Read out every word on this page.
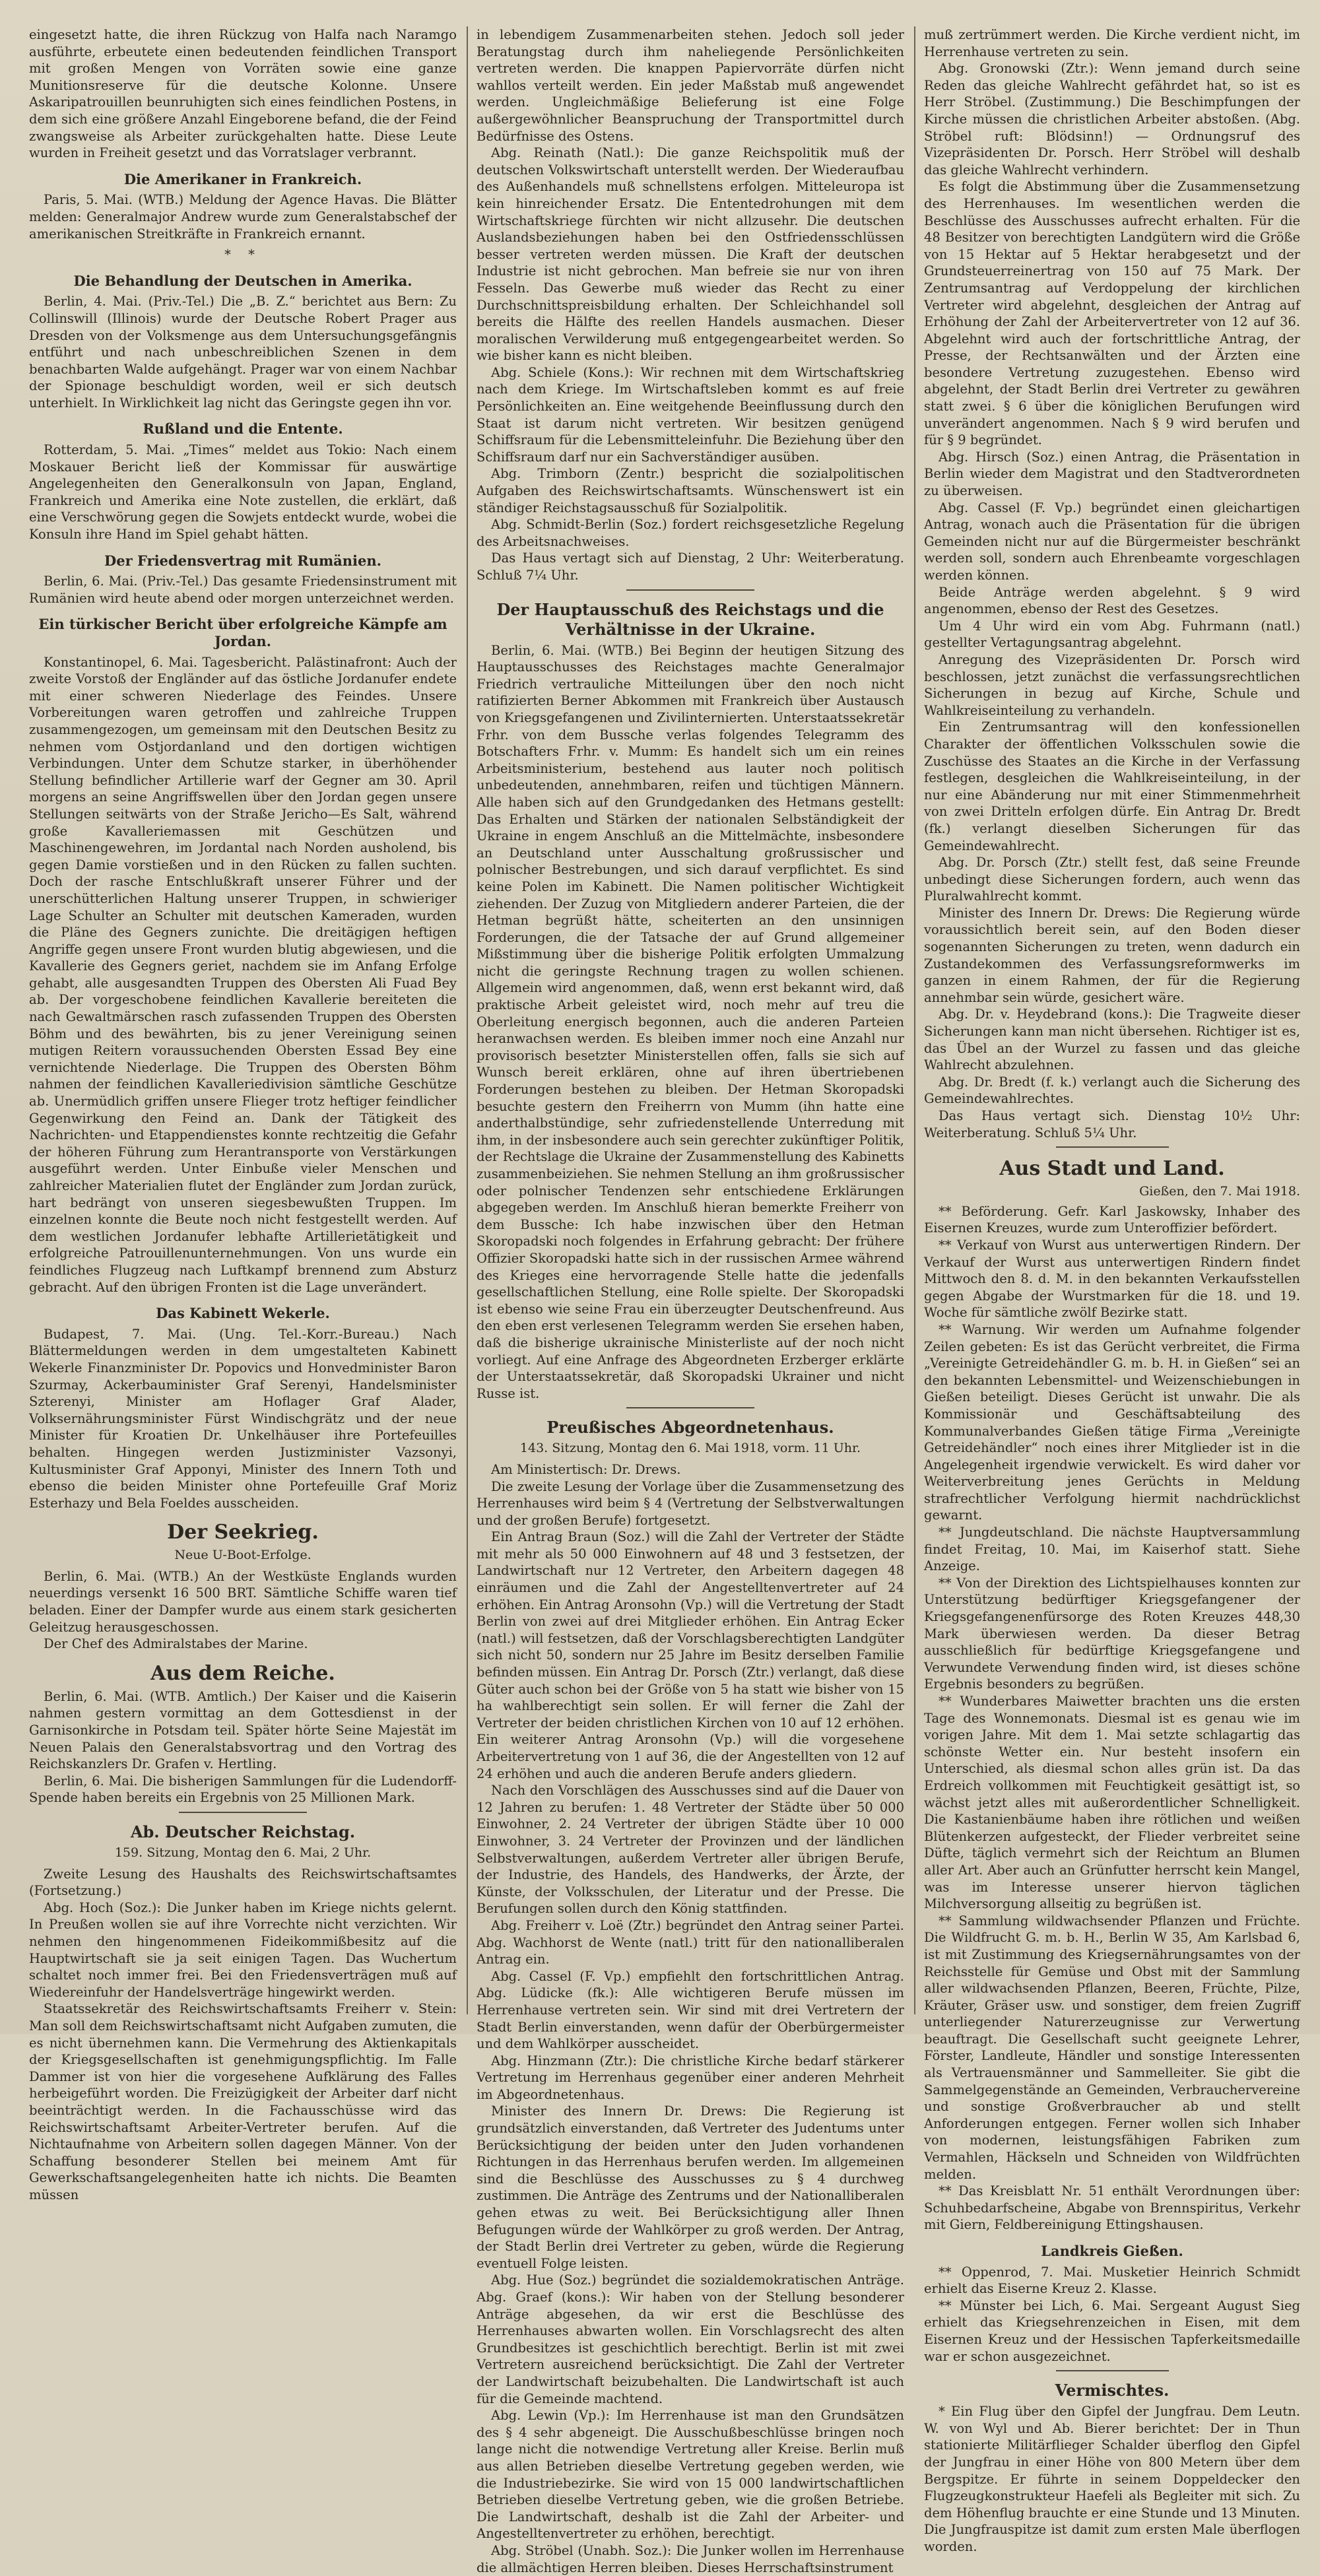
eingesetzt hatte, die ihren Rückzug von Halfa nach Naramgo ausführte, erbeutete einen bedeutenden feindlichen Transport mit großen Mengen von Vorräten sowie eine ganze Munitionsreserve für die deutsche Kolonne. Unsere Askaripatrouillen beunruhigten sich eines feindlichen Postens, in dem sich eine größere Anzahl Eingeborene befand, die der Feind zwangsweise als Arbeiter zurückgehalten hatte. Diese Leute wurden in Freiheit gesetzt und das Vorratslager verbrannt.

Die Amerikaner in Frankreich.

Paris, 5. Mai. (WTB.) Meldung der Agence Havas. Die Blätter melden: Generalmajor Andrew wurde zum Generalstabschef der amerikanischen Streitkräfte in Frankreich ernannt.

* *
Die Behandlung der Deutschen in Amerika.

Berlin, 4. Mai. (Priv.-Tel.) Die „B. Z.“ berichtet aus Bern: Zu Collinswill (Illinois) wurde der Deutsche Robert Prager aus Dresden von der Volksmenge aus dem Untersuchungsgefängnis entführt und nach unbeschreiblichen Szenen in dem benachbarten Walde aufgehängt. Prager war von einem Nachbar der Spionage beschuldigt worden, weil er sich deutsch unterhielt. In Wirklichkeit lag nicht das Geringste gegen ihn vor.

Rußland und die Entente.

Rotterdam, 5. Mai. „Times“ meldet aus Tokio: Nach einem Moskauer Bericht ließ der Kommissar für auswärtige Angelegenheiten den Generalkonsuln von Japan, England, Frankreich und Amerika eine Note zustellen, die erklärt, daß eine Verschwörung gegen die Sowjets entdeckt wurde, wobei die Konsuln ihre Hand im Spiel gehabt hätten.

Der Friedensvertrag mit Rumänien.

Berlin, 6. Mai. (Priv.-Tel.) Das gesamte Friedensinstrument mit Rumänien wird heute abend oder morgen unterzeichnet werden.

Ein türkischer Bericht über erfolgreiche Kämpfe am Jordan.

Konstantinopel, 6. Mai. Tagesbericht. Palästinafront: Auch der zweite Vorstoß der Engländer auf das östliche Jordanufer endete mit einer schweren Niederlage des Feindes. Unsere Vorbereitungen waren getroffen und zahlreiche Truppen zusammengezogen, um gemeinsam mit den Deutschen Besitz zu nehmen vom Ostjordanland und den dortigen wichtigen Verbindungen. Unter dem Schutze starker, in überhöhender Stellung befindlicher Artillerie warf der Gegner am 30. April morgens an seine Angriffswellen über den Jordan gegen unsere Stellungen seitwärts von der Straße Jericho—Es Salt, während große Kavalleriemassen mit Geschützen und Maschinengewehren, im Jordantal nach Norden ausholend, bis gegen Damie vorstießen und in den Rücken zu fallen suchten. Doch der rasche Entschlußkraft unserer Führer und der unerschütterlichen Haltung unserer Truppen, in schwieriger Lage Schulter an Schulter mit deutschen Kameraden, wurden die Pläne des Gegners zunichte. Die dreitägigen heftigen Angriffe gegen unsere Front wurden blutig abgewiesen, und die Kavallerie des Gegners geriet, nachdem sie im Anfang Erfolge gehabt, alle ausgesandten Truppen des Obersten Ali Fuad Bey ab. Der vorgeschobene feindlichen Kavallerie bereiteten die nach Gewaltmärschen rasch zufassenden Truppen des Obersten Böhm und des bewährten, bis zu jener Vereinigung seinen mutigen Reitern voraussuchenden Obersten Essad Bey eine vernichtende Niederlage. Die Truppen des Obersten Böhm nahmen der feindlichen Kavalleriedivision sämtliche Geschütze ab. Unermüdlich griffen unsere Flieger trotz heftiger feindlicher Gegenwirkung den Feind an. Dank der Tätigkeit des Nachrichten- und Etappendienstes konnte rechtzeitig die Gefahr der höheren Führung zum Herantransporte von Verstärkungen ausgeführt werden. Unter Einbuße vieler Menschen und zahlreicher Materialien flutet der Engländer zum Jordan zurück, hart bedrängt von unseren siegesbewußten Truppen. Im einzelnen konnte die Beute noch nicht festgestellt werden. Auf dem westlichen Jordanufer lebhafte Artillerietätigkeit und erfolgreiche Patrouillenunternehmungen. Von uns wurde ein feindliches Flugzeug nach Luftkampf brennend zum Absturz gebracht. Auf den übrigen Fronten ist die Lage unverändert.

Das Kabinett Wekerle.

Budapest, 7. Mai. (Ung. Tel.-Korr.-Bureau.) Nach Blättermeldungen werden in dem umgestalteten Kabinett Wekerle Finanzminister Dr. Popovics und Honvedminister Baron Szurmay, Ackerbauminister Graf Serenyi, Handelsminister Szterenyi, Minister am Hoflager Graf Alader, Volksernährungsminister Fürst Windischgrätz und der neue Minister für Kroatien Dr. Unkelhäuser ihre Portefeuilles behalten. Hingegen werden Justizminister Vazsonyi, Kultusminister Graf Apponyi, Minister des Innern Toth und ebenso die beiden Minister ohne Portefeuille Graf Moriz Esterhazy und Bela Foeldes ausscheiden.

Der Seekrieg.
Neue U-Boot-Erfolge.

Berlin, 6. Mai. (WTB.) An der Westküste Englands wurden neuerdings versenkt 16 500 BRT. Sämtliche Schiffe waren tief beladen. Einer der Dampfer wurde aus einem stark gesicherten Geleitzug herausgeschossen.

Der Chef des Admiralstabes der Marine.

Aus dem Reiche.

Berlin, 6. Mai. (WTB. Amtlich.) Der Kaiser und die Kaiserin nahmen gestern vormittag an dem Gottesdienst in der Garnisonkirche in Potsdam teil. Später hörte Seine Majestät im Neuen Palais den Generalstabsvortrag und den Vortrag des Reichskanzlers Dr. Grafen v. Hertling.

Berlin, 6. Mai. Die bisherigen Sammlungen für die Ludendorff-Spende haben bereits ein Ergebnis von 25 Millionen Mark.

Ab. Deutscher Reichstag.
159. Sitzung, Montag den 6. Mai, 2 Uhr.

Zweite Lesung des Haushalts des Reichswirtschaftsamtes (Fortsetzung.)

Abg. Hoch (Soz.): Die Junker haben im Kriege nichts gelernt. In Preußen wollen sie auf ihre Vorrechte nicht verzichten. Wir nehmen den hingenommenen Fideikommißbesitz auf die Hauptwirtschaft sie ja seit einigen Tagen. Das Wuchertum schaltet noch immer frei. Bei den Friedensverträgen muß auf Wiedereinfuhr der Handelsverträge hingewirkt werden.

Staatssekretär des Reichswirtschaftsamts Freiherr v. Stein: Man soll dem Reichswirtschaftsamt nicht Aufgaben zumuten, die es nicht übernehmen kann. Die Vermehrung des Aktienkapitals der Kriegsgesellschaften ist genehmigungspflichtig. Im Falle Dammer ist von hier die vorgesehene Aufklärung des Falles herbeigeführt worden. Die Freizügigkeit der Arbeiter darf nicht beeinträchtigt werden. In die Fachausschüsse wird das Reichswirtschaftsamt Arbeiter-Vertreter berufen. Auf die Nichtaufnahme von Arbeitern sollen dagegen Männer. Von der Schaffung besonderer Stellen bei meinem Amt für Gewerkschaftsangelegenheiten hatte ich nichts. Die Beamten müssen

in lebendigem Zusammenarbeiten stehen. Jedoch soll jeder Beratungstag durch ihm naheliegende Persönlichkeiten vertreten werden. Die knappen Papiervorräte dürfen nicht wahllos verteilt werden. Ein jeder Maßstab muß angewendet werden. Ungleichmäßige Belieferung ist eine Folge außergewöhnlicher Beanspruchung der Transportmittel durch Bedürfnisse des Ostens.

Abg. Reinath (Natl.): Die ganze Reichspolitik muß der deutschen Volkswirtschaft unterstellt werden. Der Wiederaufbau des Außenhandels muß schnellstens erfolgen. Mitteleuropa ist kein hinreichender Ersatz. Die Ententedrohungen mit dem Wirtschaftskriege fürchten wir nicht allzusehr. Die deutschen Auslandsbeziehungen haben bei den Ostfriedensschlüssen besser vertreten werden müssen. Die Kraft der deutschen Industrie ist nicht gebrochen. Man befreie sie nur von ihren Fesseln. Das Gewerbe muß wieder das Recht zu einer Durchschnittspreisbildung erhalten. Der Schleichhandel soll bereits die Hälfte des reellen Handels ausmachen. Dieser moralischen Verwilderung muß entgegengearbeitet werden. So wie bisher kann es nicht bleiben.

Abg. Schiele (Kons.): Wir rechnen mit dem Wirtschaftskrieg nach dem Kriege. Im Wirtschaftsleben kommt es auf freie Persönlichkeiten an. Eine weitgehende Beeinflussung durch den Staat ist darum nicht vertreten. Wir besitzen genügend Schiffsraum für die Lebensmitteleinfuhr. Die Beziehung über den Schiffsraum darf nur ein Sachverständiger ausüben.

Abg. Trimborn (Zentr.) bespricht die sozialpolitischen Aufgaben des Reichswirtschaftsamts. Wünschenswert ist ein ständiger Reichstagsausschuß für Sozialpolitik.

Abg. Schmidt-Berlin (Soz.) fordert reichsgesetzliche Regelung des Arbeitsnachweises.

Das Haus vertagt sich auf Dienstag, 2 Uhr: Weiterberatung. Schluß 7¼ Uhr.

Der Hauptausschuß des Reichstags und die Verhältnisse in der Ukraine.

Berlin, 6. Mai. (WTB.) Bei Beginn der heutigen Sitzung des Hauptausschusses des Reichstages machte Generalmajor Friedrich vertrauliche Mitteilungen über den noch nicht ratifizierten Berner Abkommen mit Frankreich über Austausch von Kriegsgefangenen und Zivilinternierten. Unterstaatssekretär Frhr. von dem Bussche verlas folgendes Telegramm des Botschafters Frhr. v. Mumm: Es handelt sich um ein reines Arbeitsministerium, bestehend aus lauter noch politisch unbedeutenden, annehmbaren, reifen und tüchtigen Männern. Alle haben sich auf den Grundgedanken des Hetmans gestellt: Das Erhalten und Stärken der nationalen Selbständigkeit der Ukraine in engem Anschluß an die Mittelmächte, insbesondere an Deutschland unter Ausschaltung großrussischer und polnischer Bestrebungen, und sich darauf verpflichtet. Es sind keine Polen im Kabinett. Die Namen politischer Wichtigkeit ziehenden. Der Zuzug von Mitgliedern anderer Parteien, die der Hetman begrüßt hätte, scheiterten an den unsinnigen Forderungen, die der Tatsache der auf Grund allgemeiner Mißstimmung über die bisherige Politik erfolgten Ummalzung nicht die geringste Rechnung tragen zu wollen schienen. Allgemein wird angenommen, daß, wenn erst bekannt wird, daß praktische Arbeit geleistet wird, noch mehr auf treu die Oberleitung energisch begonnen, auch die anderen Parteien heranwachsen werden. Es bleiben immer noch eine Anzahl nur provisorisch besetzter Ministerstellen offen, falls sie sich auf Wunsch bereit erklären, ohne auf ihren übertriebenen Forderungen bestehen zu bleiben. Der Hetman Skoropadski besuchte gestern den Freiherrn von Mumm (ihn hatte eine anderthalbstündige, sehr zufriedenstellende Unterredung mit ihm, in der insbesondere auch sein gerechter zukünftiger Politik, der Rechtslage die Ukraine der Zusammenstellung des Kabinetts zusammenbeiziehen. Sie nehmen Stellung an ihm großrussischer oder polnischer Tendenzen sehr entschiedene Erklärungen abgegeben werden. Im Anschluß hieran bemerkte Freiherr von dem Bussche: Ich habe inzwischen über den Hetman Skoropadski noch folgendes in Erfahrung gebracht: Der frühere Offizier Skoropadski hatte sich in der russischen Armee während des Krieges eine hervorragende Stelle hatte die jedenfalls gesellschaftlichen Stellung, eine Rolle spielte. Der Skoropadski ist ebenso wie seine Frau ein überzeugter Deutschenfreund. Aus den eben erst verlesenen Telegramm werden Sie ersehen haben, daß die bisherige ukrainische Ministerliste auf der noch nicht vorliegt. Auf eine Anfrage des Abgeordneten Erzberger erklärte der Unterstaatssekretär, daß Skoropadski Ukrainer und nicht Russe ist.

Preußisches Abgeordnetenhaus.
143. Sitzung, Montag den 6. Mai 1918, vorm. 11 Uhr.

Am Ministertisch: Dr. Drews.

Die zweite Lesung der Vorlage über die Zusammensetzung des Herrenhauses wird beim § 4 (Vertretung der Selbstverwaltungen und der großen Berufe) fortgesetzt.

Ein Antrag Braun (Soz.) will die Zahl der Vertreter der Städte mit mehr als 50 000 Einwohnern auf 48 und 3 festsetzen, der Landwirtschaft nur 12 Vertreter, den Arbeitern dagegen 48 einräumen und die Zahl der Angestelltenvertreter auf 24 erhöhen. Ein Antrag Aronsohn (Vp.) will die Vertretung der Stadt Berlin von zwei auf drei Mitglieder erhöhen. Ein Antrag Ecker (natl.) will festsetzen, daß der Vorschlagsberechtigten Landgüter sich nicht 50, sondern nur 25 Jahre im Besitz derselben Familie befinden müssen. Ein Antrag Dr. Porsch (Ztr.) verlangt, daß diese Güter auch schon bei der Größe von 5 ha statt wie bisher von 15 ha wahlberechtigt sein sollen. Er will ferner die Zahl der Vertreter der beiden christlichen Kirchen von 10 auf 12 erhöhen. Ein weiterer Antrag Aronsohn (Vp.) will die vorgesehene Arbeitervertretung von 1 auf 36, die der Angestellten von 12 auf 24 erhöhen und auch die anderen Berufe anders gliedern.

Nach den Vorschlägen des Ausschusses sind auf die Dauer von 12 Jahren zu berufen: 1. 48 Vertreter der Städte über 50 000 Einwohner, 2. 24 Vertreter der übrigen Städte über 10 000 Einwohner, 3. 24 Vertreter der Provinzen und der ländlichen Selbstverwaltungen, außerdem Vertreter aller übrigen Berufe, der Industrie, des Handels, des Handwerks, der Ärzte, der Künste, der Volksschulen, der Literatur und der Presse. Die Berufungen sollen durch den König stattfinden.

Abg. Freiherr v. Loë (Ztr.) begründet den Antrag seiner Partei. Abg. Wachhorst de Wente (natl.) tritt für den nationalliberalen Antrag ein.

Abg. Cassel (F. Vp.) empfiehlt den fortschrittlichen Antrag. Abg. Lüdicke (fk.): Alle wichtigeren Berufe müssen im Herrenhause vertreten sein. Wir sind mit drei Vertretern der Stadt Berlin einverstanden, wenn dafür der Oberbürgermeister und dem Wahlkörper ausscheidet.

Abg. Hinzmann (Ztr.): Die christliche Kirche bedarf stärkerer Vertretung im Herrenhaus gegenüber einer anderen Mehrheit im Abgeordnetenhaus.

Minister des Innern Dr. Drews: Die Regierung ist grundsätzlich einverstanden, daß Vertreter des Judentums unter Berücksichtigung der beiden unter den Juden vorhandenen Richtungen in das Herrenhaus berufen werden. Im allgemeinen sind die Beschlüsse des Ausschusses zu § 4 durchweg zustimmen. Die Anträge des Zentrums und der Nationalliberalen gehen etwas zu weit. Bei Berücksichtigung aller Ihnen Befugungen würde der Wahlkörper zu groß werden. Der Antrag, der Stadt Berlin drei Vertreter zu geben, würde die Regierung eventuell Folge leisten.

Abg. Hue (Soz.) begründet die sozialdemokratischen Anträge. Abg. Graef (kons.): Wir haben von der Stellung besonderer Anträge abgesehen, da wir erst die Beschlüsse des Herrenhauses abwarten wollen. Ein Vorschlagsrecht des alten Grundbesitzes ist geschichtlich berechtigt. Berlin ist mit zwei Vertretern ausreichend berücksichtigt. Die Zahl der Vertreter der Landwirtschaft beizubehalten. Die Landwirtschaft ist auch für die Gemeinde machtend.

Abg. Lewin (Vp.): Im Herrenhause ist man den Grundsätzen des § 4 sehr abgeneigt. Die Ausschußbeschlüsse bringen noch lange nicht die notwendige Vertretung aller Kreise. Berlin muß aus allen Betrieben dieselbe Vertretung gegeben werden, wie die Industriebezirke. Sie wird von 15 000 landwirtschaftlichen Betrieben dieselbe Vertretung geben, wie die großen Betriebe. Die Landwirtschaft, deshalb ist die Zahl der Arbeiter- und Angestelltenvertreter zu erhöhen, berechtigt.

Abg. Ströbel (Unabh. Soz.): Die Junker wollen im Herrenhause die allmächtigen Herren bleiben. Dieses Herrschaftsinstrument

muß zertrümmert werden. Die Kirche verdient nicht, im Herrenhause vertreten zu sein.

Abg. Gronowski (Ztr.): Wenn jemand durch seine Reden das gleiche Wahlrecht gefährdet hat, so ist es Herr Ströbel. (Zustimmung.) Die Beschimpfungen der Kirche müssen die christlichen Arbeiter abstoßen. (Abg. Ströbel ruft: Blödsinn!) — Ordnungsruf des Vizepräsidenten Dr. Porsch. Herr Ströbel will deshalb das gleiche Wahlrecht verhindern.

Es folgt die Abstimmung über die Zusammensetzung des Herrenhauses. Im wesentlichen werden die Beschlüsse des Ausschusses aufrecht erhalten. Für die 48 Besitzer von berechtigten Landgütern wird die Größe von 15 Hektar auf 5 Hektar herabgesetzt und der Grundsteuerreinertrag von 150 auf 75 Mark. Der Zentrumsantrag auf Verdoppelung der kirchlichen Vertreter wird abgelehnt, desgleichen der Antrag auf Erhöhung der Zahl der Arbeitervertreter von 12 auf 36. Abgelehnt wird auch der fortschrittliche Antrag, der Presse, der Rechtsanwälten und der Ärzten eine besondere Vertretung zuzugestehen. Ebenso wird abgelehnt, der Stadt Berlin drei Vertreter zu gewähren statt zwei. § 6 über die königlichen Berufungen wird unverändert angenommen. Nach § 9 wird berufen und für § 9 begründet.

Abg. Hirsch (Soz.) einen Antrag, die Präsentation in Berlin wieder dem Magistrat und den Stadtverordneten zu überweisen.

Abg. Cassel (F. Vp.) begründet einen gleichartigen Antrag, wonach auch die Präsentation für die übrigen Gemeinden nicht nur auf die Bürgermeister beschränkt werden soll, sondern auch Ehrenbeamte vorgeschlagen werden können.

Beide Anträge werden abgelehnt. § 9 wird angenommen, ebenso der Rest des Gesetzes.

Um 4 Uhr wird ein vom Abg. Fuhrmann (natl.) gestellter Vertagungsantrag abgelehnt.

Anregung des Vizepräsidenten Dr. Porsch wird beschlossen, jetzt zunächst die verfassungsrechtlichen Sicherungen in bezug auf Kirche, Schule und Wahlkreiseinteilung zu verhandeln.

Ein Zentrumsantrag will den konfessionellen Charakter der öffentlichen Volksschulen sowie die Zuschüsse des Staates an die Kirche in der Verfassung festlegen, desgleichen die Wahlkreiseinteilung, in der nur eine Abänderung nur mit einer Stimmenmehrheit von zwei Dritteln erfolgen dürfe. Ein Antrag Dr. Bredt (fk.) verlangt dieselben Sicherungen für das Gemeindewahlrecht.

Abg. Dr. Porsch (Ztr.) stellt fest, daß seine Freunde unbedingt diese Sicherungen fordern, auch wenn das Pluralwahlrecht kommt.

Minister des Innern Dr. Drews: Die Regierung würde voraussichtlich bereit sein, auf den Boden dieser sogenannten Sicherungen zu treten, wenn dadurch ein Zustandekommen des Verfassungsreformwerks im ganzen in einem Rahmen, der für die Regierung annehmbar sein würde, gesichert wäre.

Abg. Dr. v. Heydebrand (kons.): Die Tragweite dieser Sicherungen kann man nicht übersehen. Richtiger ist es, das Übel an der Wurzel zu fassen und das gleiche Wahlrecht abzulehnen.

Abg. Dr. Bredt (f. k.) verlangt auch die Sicherung des Gemeindewahlrechtes.

Das Haus vertagt sich. Dienstag 10½ Uhr: Weiterberatung. Schluß 5¼ Uhr.

Aus Stadt und Land.
Gießen, den 7. Mai 1918.

** Beförderung. Gefr. Karl Jaskowsky, Inhaber des Eisernen Kreuzes, wurde zum Unteroffizier befördert.

** Verkauf von Wurst aus unterwertigen Rindern. Der Verkauf der Wurst aus unterwertigen Rindern findet Mittwoch den 8. d. M. in den bekannten Verkaufsstellen gegen Abgabe der Wurstmarken für die 18. und 19. Woche für sämtliche zwölf Bezirke statt.

** Warnung. Wir werden um Aufnahme folgender Zeilen gebeten: Es ist das Gerücht verbreitet, die Firma „Vereinigte Getreidehändler G. m. b. H. in Gießen“ sei an den bekannten Lebensmittel- und Weizenschiebungen in Gießen beteiligt. Dieses Gerücht ist unwahr. Die als Kommissionär und Geschäftsabteilung des Kommunalverbandes Gießen tätige Firma „Vereinigte Getreidehändler“ noch eines ihrer Mitglieder ist in die Angelegenheit irgendwie verwickelt. Es wird daher vor Weiterverbreitung jenes Gerüchts in Meldung strafrechtlicher Verfolgung hiermit nachdrücklichst gewarnt.

** Jungdeutschland. Die nächste Hauptversammlung findet Freitag, 10. Mai, im Kaiserhof statt. Siehe Anzeige.

** Von der Direktion des Lichtspielhauses konnten zur Unterstützung bedürftiger Kriegsgefangener der Kriegsgefangenenfürsorge des Roten Kreuzes 448,30 Mark überwiesen werden. Da dieser Betrag ausschließlich für bedürftige Kriegsgefangene und Verwundete Verwendung finden wird, ist dieses schöne Ergebnis besonders zu begrüßen.

** Wunderbares Maiwetter brachten uns die ersten Tage des Wonnemonats. Diesmal ist es genau wie im vorigen Jahre. Mit dem 1. Mai setzte schlagartig das schönste Wetter ein. Nur besteht insofern ein Unterschied, als diesmal schon alles grün ist. Da das Erdreich vollkommen mit Feuchtigkeit gesättigt ist, so wächst jetzt alles mit außerordentlicher Schnelligkeit. Die Kastanienbäume haben ihre rötlichen und weißen Blütenkerzen aufgesteckt, der Flieder verbreitet seine Düfte, täglich vermehrt sich der Reichtum an Blumen aller Art. Aber auch an Grünfutter herrscht kein Mangel, was im Interesse unserer hiervon täglichen Milchversorgung allseitig zu begrüßen ist.

** Sammlung wildwachsender Pflanzen und Früchte. Die Wildfrucht G. m. b. H., Berlin W 35, Am Karlsbad 6, ist mit Zustimmung des Kriegsernährungsamtes von der Reichsstelle für Gemüse und Obst mit der Sammlung aller wildwachsenden Pflanzen, Beeren, Früchte, Pilze, Kräuter, Gräser usw. und sonstiger, dem freien Zugriff unterliegender Naturerzeugnisse zur Verwertung beauftragt. Die Gesellschaft sucht geeignete Lehrer, Förster, Landleute, Händler und sonstige Interessenten als Vertrauensmänner und Sammelleiter. Sie gibt die Sammelgegenstände an Gemeinden, Verbrauchervereine und sonstige Großverbraucher ab und stellt Anforderungen entgegen. Ferner wollen sich Inhaber von modernen, leistungsfähigen Fabriken zum Vermahlen, Häckseln und Schneiden von Wildfrüchten melden.

** Das Kreisblatt Nr. 51 enthält Verordnungen über: Schuhbedarfscheine, Abgabe von Brennspiritus, Verkehr mit Giern, Feldbereinigung Ettingshausen.

Landkreis Gießen.

** Oppenrod, 7. Mai. Musketier Heinrich Schmidt erhielt das Eiserne Kreuz 2. Klasse.

** Münster bei Lich, 6. Mai. Sergeant August Sieg erhielt das Kriegsehrenzeichen in Eisen, mit dem Eisernen Kreuz und der Hessischen Tapferkeitsmedaille war er schon ausgezeichnet.

Vermischtes.

* Ein Flug über den Gipfel der Jungfrau. Dem Leutn. W. von Wyl und Ab. Bierer berichtet: Der in Thun stationierte Militärflieger Schalder überflog den Gipfel der Jungfrau in einer Höhe von 800 Metern über dem Bergspitze. Er führte in seinem Doppeldecker den Flugzeugkonstrukteur Haefeli als Begleiter mit sich. Zu dem Höhenflug brauchte er eine Stunde und 13 Minuten. Die Jungfrauspitze ist damit zum ersten Male überflogen worden.
